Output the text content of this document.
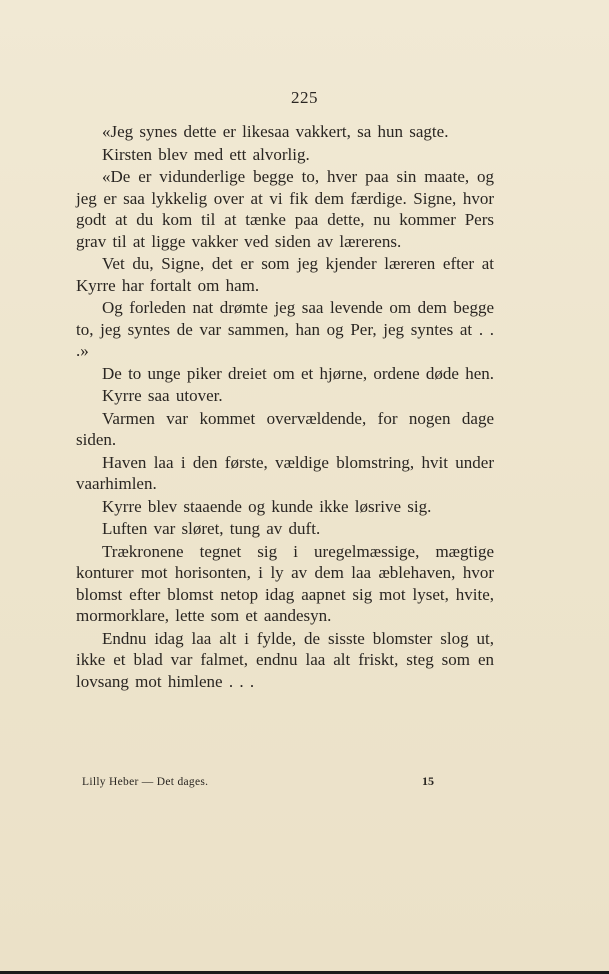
225

«Jeg synes dette er likesaa vakkert, sa hun sagte.

Kirsten blev med ett alvorlig.

«De er vidunderlige begge to, hver paa sin maate, og jeg er saa lykkelig over at vi fik dem færdige. Signe, hvor godt at du kom til at tænke paa dette, nu kommer Pers grav til at ligge vakker ved siden av lærerens.

Vet du, Signe, det er som jeg kjender læreren efter at Kyrre har fortalt om ham.

Og forleden nat drømte jeg saa levende om dem begge to, jeg syntes de var sammen, han og Per, jeg syntes at . . .»

De to unge piker dreiet om et hjørne, ordene døde hen.

Kyrre saa utover.

Varmen var kommet overvældende, for nogen dage siden.

Haven laa i den første, vældige blomstring, hvit under vaarhimlen.

Kyrre blev staaende og kunde ikke løsrive sig.

Luften var sløret, tung av duft.

Trækronene tegnet sig i uregelmæssige, mægtige konturer mot horisonten, i ly av dem laa æblehaven, hvor blomst efter blomst netop idag aapnet sig mot lyset, hvite, mormorklare, lette som et aandesyn.

Endnu idag laa alt i fylde, de sisste blomster slog ut, ikke et blad var falmet, endnu laa alt friskt, steg som en lovsang mot himlene . . .

Lilly Heber — Det dages.	15
